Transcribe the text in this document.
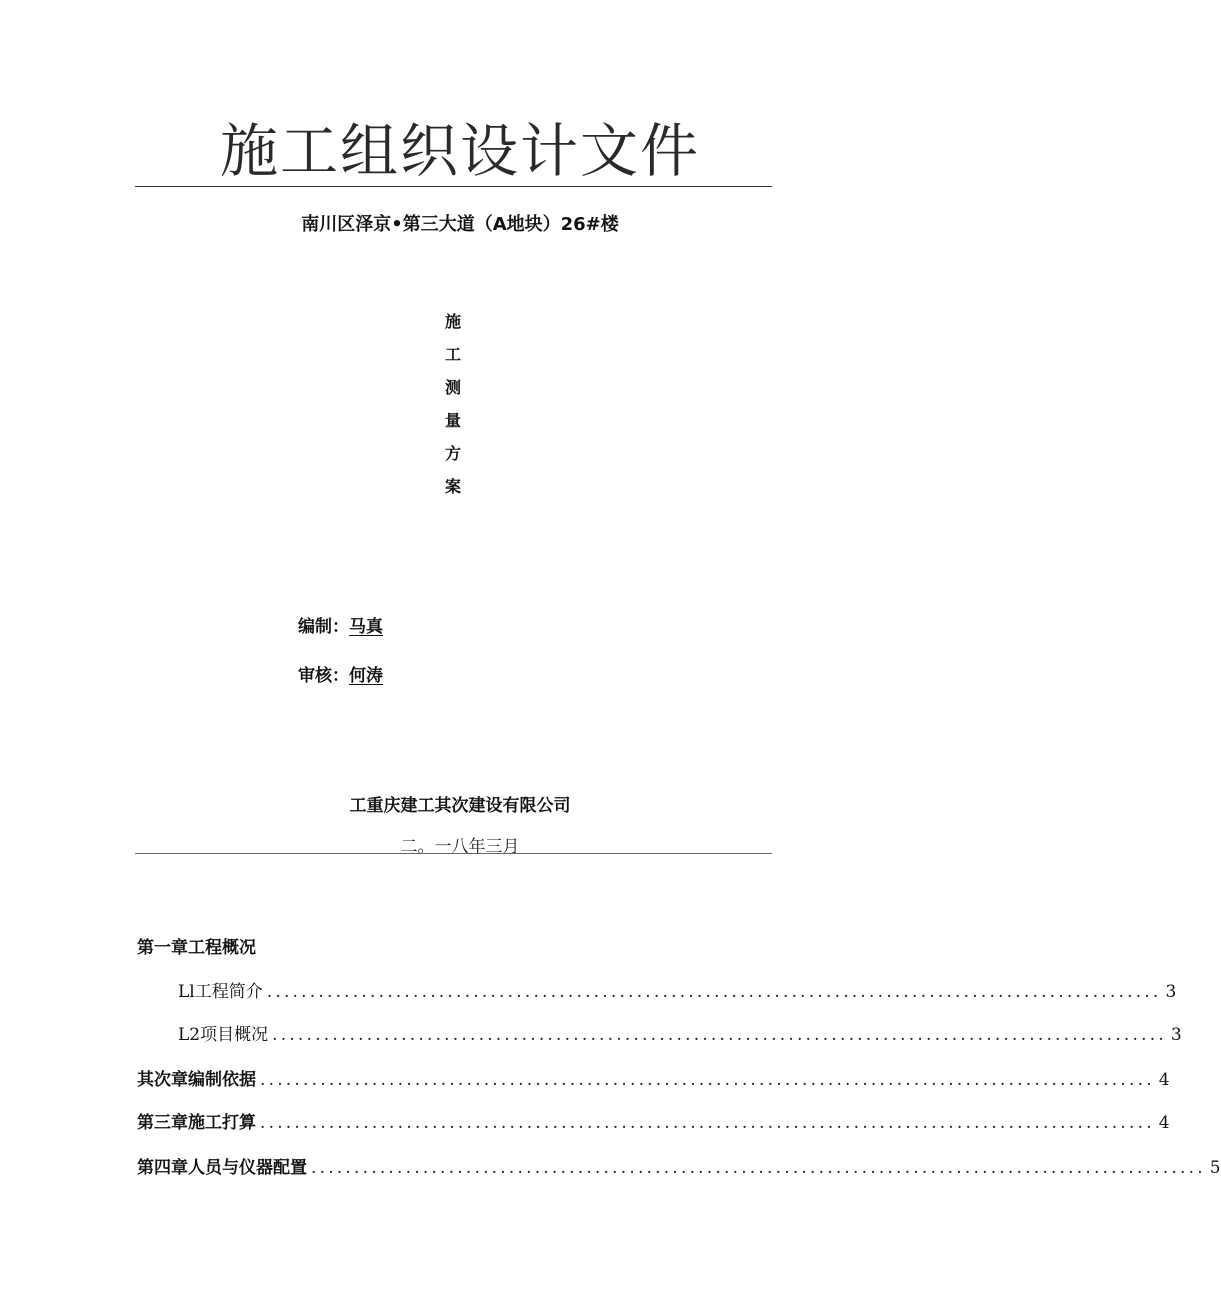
施工组织设计文件
南川区泽京•第三大道（A地块）26#楼
施
工
测
量
方
案
编制：马真
审核：何涛
工重庆建工其次建设有限公司
二。一八年三月
第一章工程概况
Ll工程简介 ........................................................................................................ 3
L2项目概况 ........................................................................................................ 3
其次章编制依据 ........................................................................................................ 4
第三章施工打算 ........................................................................................................ 4
第四章人员与仪器配置 ........................................................................................................ 5
